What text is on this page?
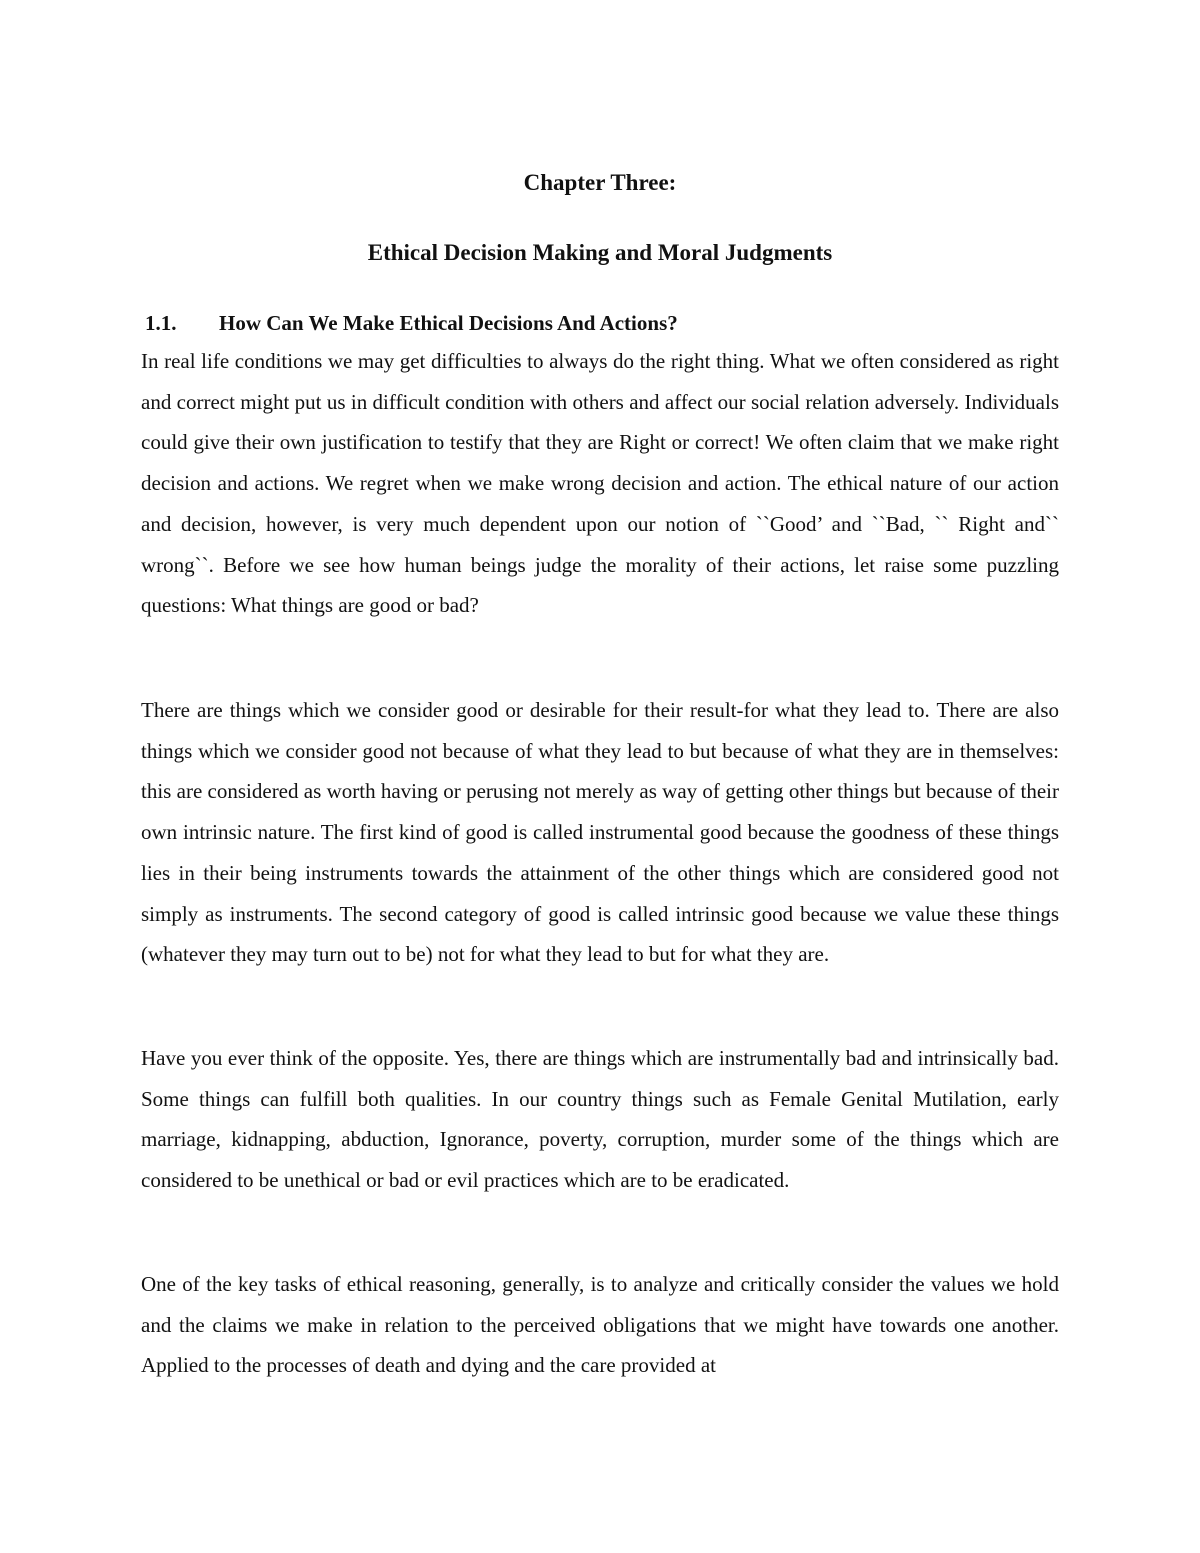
Chapter Three:
Ethical Decision Making and Moral Judgments
1.1. How Can We Make Ethical Decisions And Actions?

In real life conditions we may get difficulties to always do the right thing. What we often considered as right and correct might put us in difficult condition with others and affect our social relation adversely. Individuals could give their own justification to testify that they are Right or correct! We often claim that we make right decision and actions. We regret when we make wrong decision and action. The ethical nature of our action and decision, however, is very much dependent upon our notion of ``Good’ and ``Bad, `` Right and`` wrong``. Before we see how human beings judge the morality of their actions, let raise some puzzling questions: What things are good or bad?

There are things which we consider good or desirable for their result-for what they lead to. There are also things which we consider good not because of what they lead to but because of what they are in themselves: this are considered as worth having or perusing not merely as way of getting other things but because of their own intrinsic nature. The first kind of good is called instrumental good because the goodness of these things lies in their being instruments towards the attainment of the other things which are considered good not simply as instruments. The second category of good is called intrinsic good because we value these things (whatever they may turn out to be) not for what they lead to but for what they are.

Have you ever think of the opposite. Yes, there are things which are instrumentally bad and intrinsically bad. Some things can fulfill both qualities. In our country things such as Female Genital Mutilation, early marriage, kidnapping, abduction, Ignorance, poverty, corruption, murder some of the things which are considered to be unethical or bad or evil practices which are to be eradicated.

One of the key tasks of ethical reasoning, generally, is to analyze and critically consider the values we hold and the claims we make in relation to the perceived obligations that we might have towards one another. Applied to the processes of death and dying and the care provided at
